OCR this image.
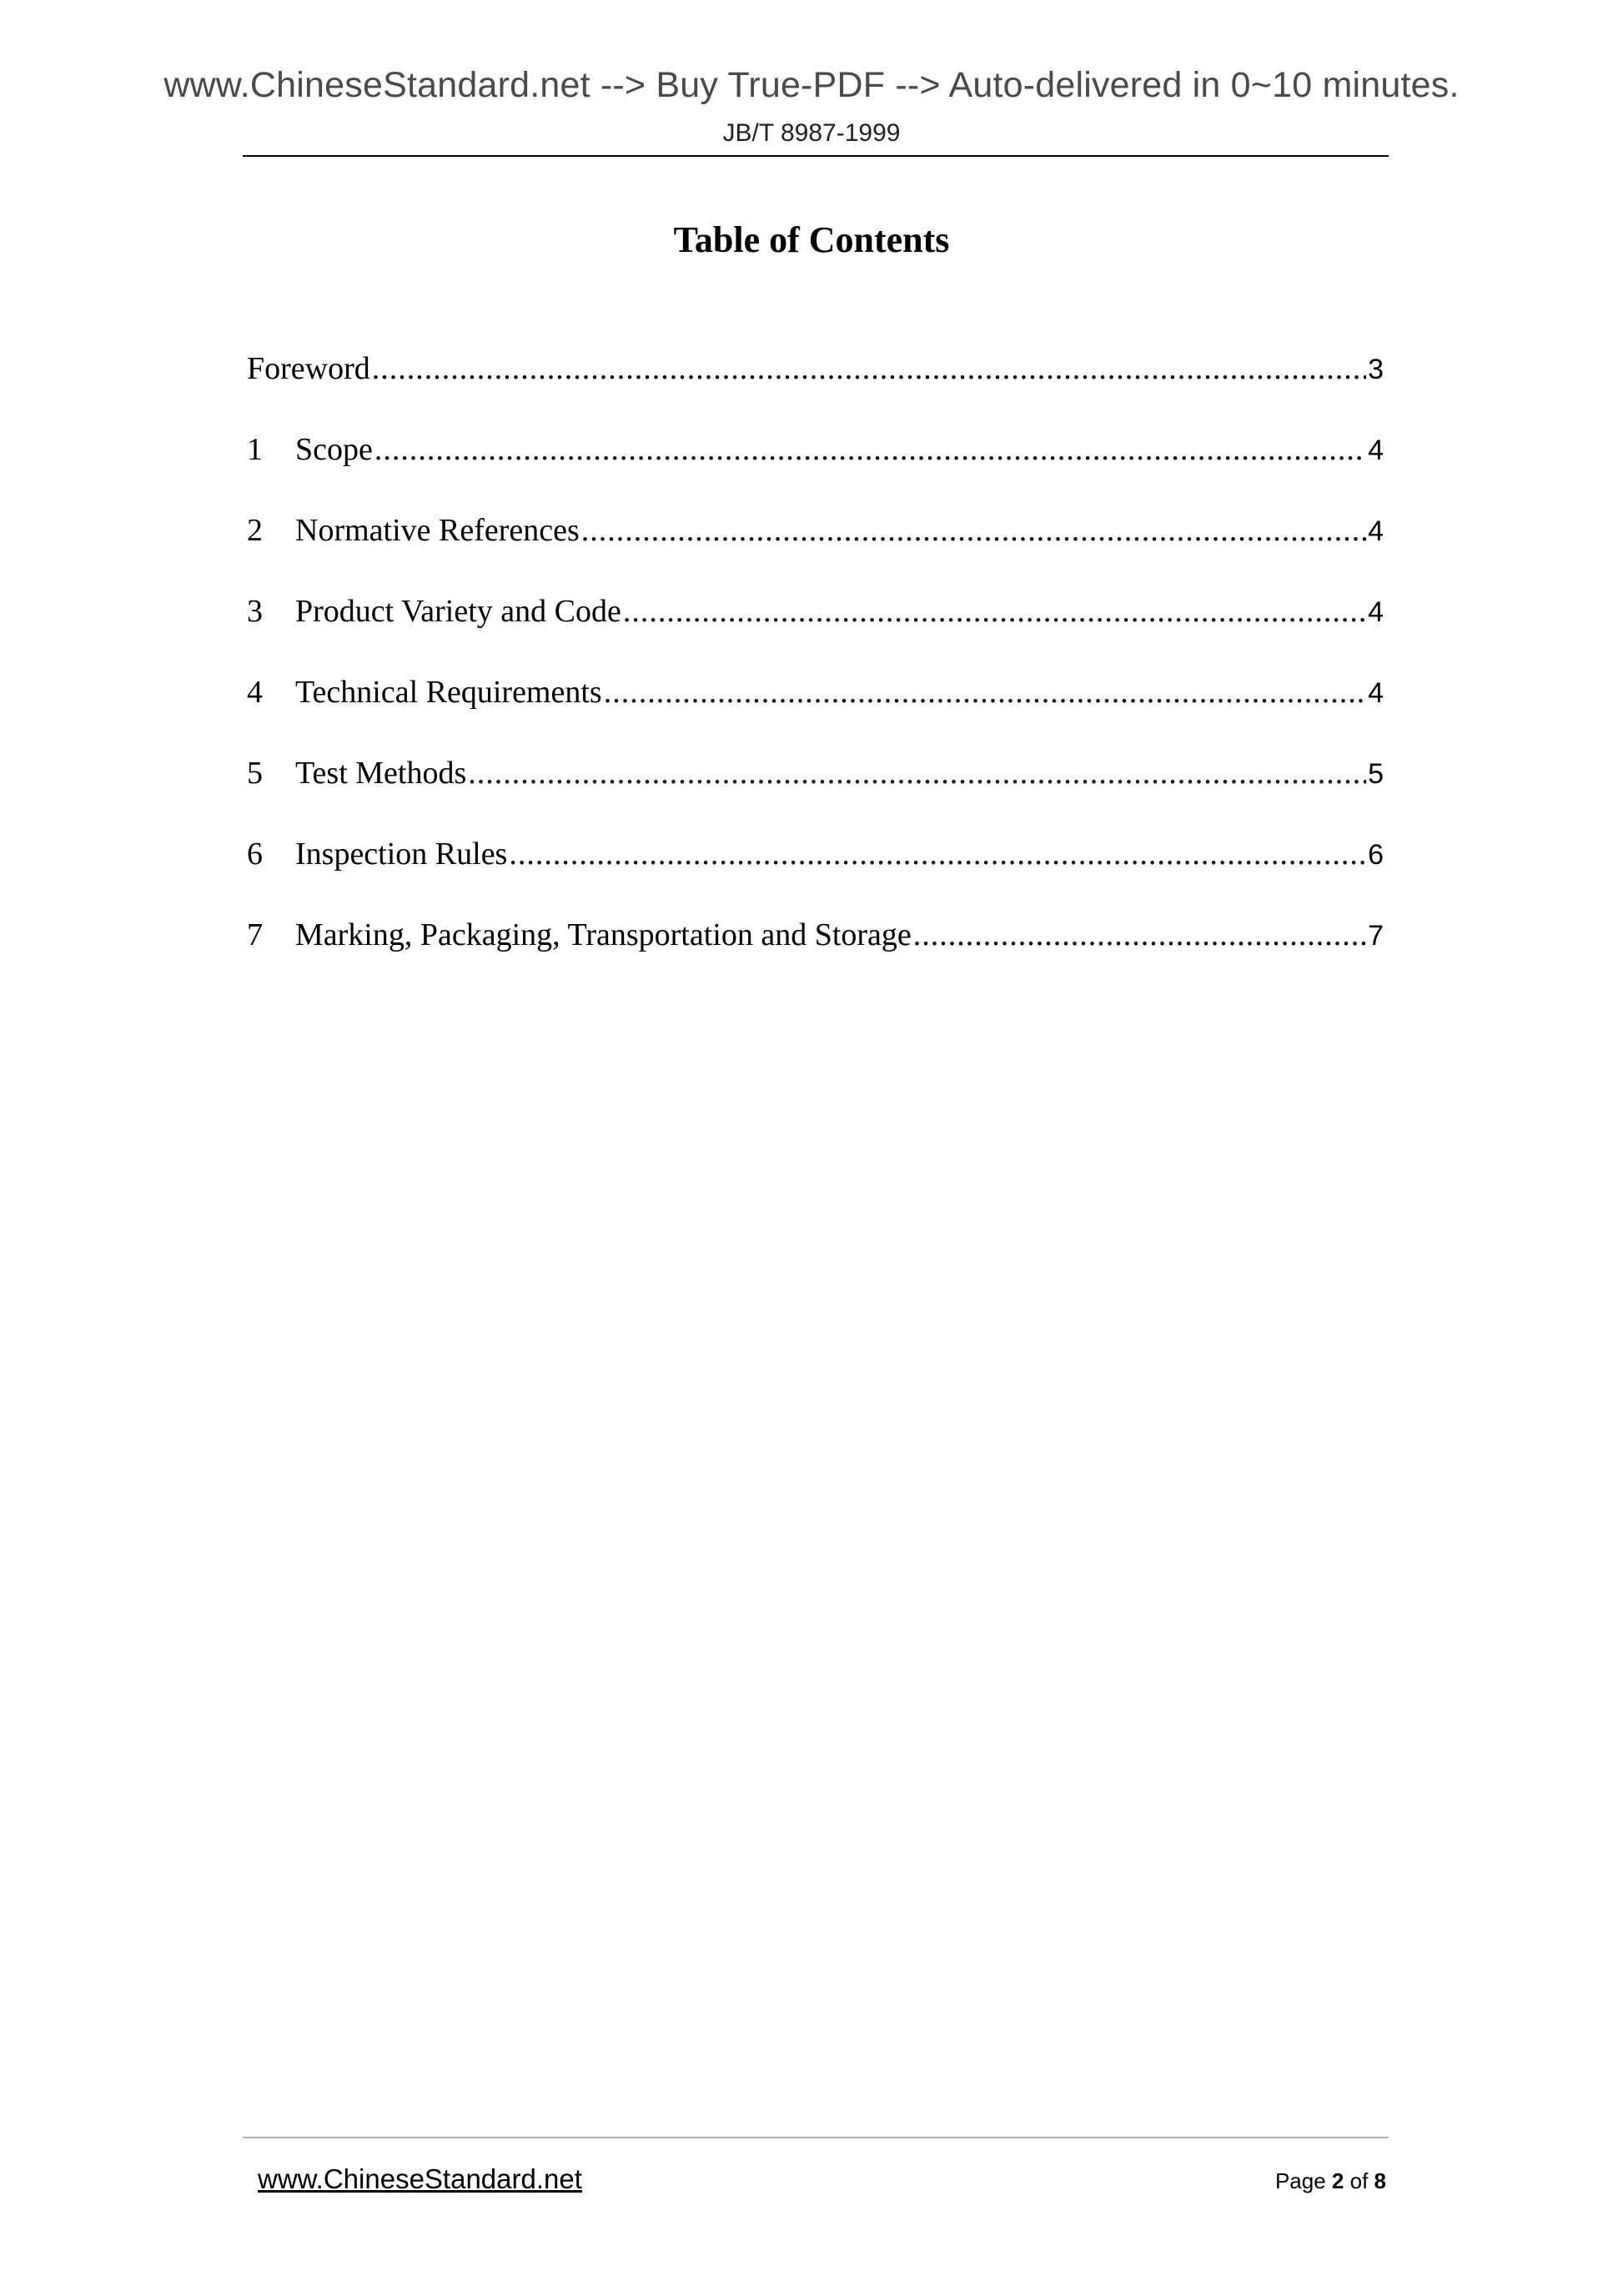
www.ChineseStandard.net --> Buy True-PDF --> Auto-delivered in 0~10 minutes.
JB/T 8987-1999
Table of Contents
Foreword .....	3
1	Scope .....	4
2	Normative References .....	4
3	Product Variety and Code .....	4
4	Technical Requirements .....	4
5	Test Methods .....	5
6	Inspection Rules .....	6
7	Marking, Packaging, Transportation and Storage .....	7
www.ChineseStandard.net	Page 2 of 8
